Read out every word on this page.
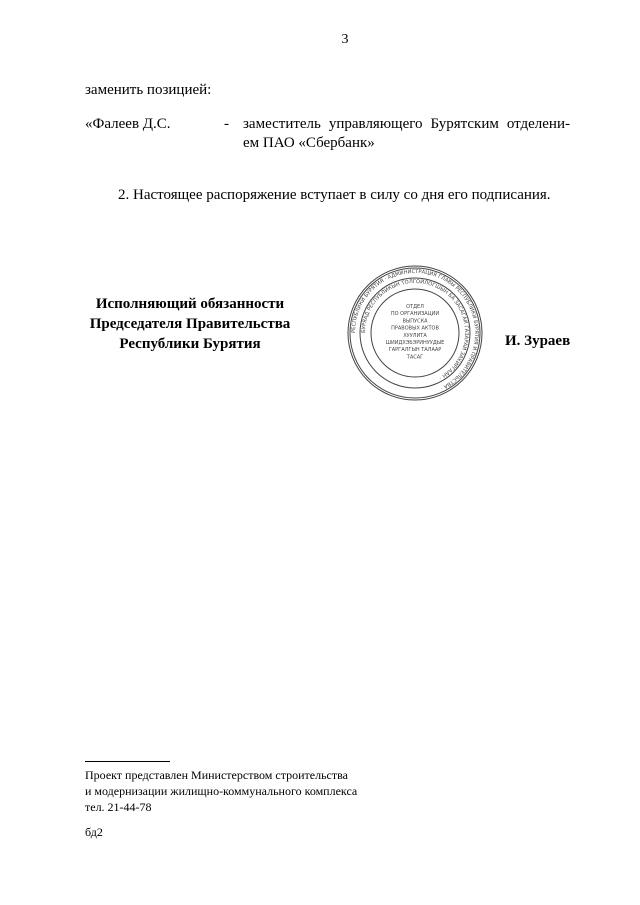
3
заменить позицией:
«Фалеев Д.С.	- заместитель управляющего Бурятским отделени-
ем ПАО «Сбербанк»
2. Настоящее распоряжение вступает в силу со дня его подписания.
Исполняющий обязанности
Председателя Правительства
Республики Бурятия
РЕСПУБЛИКИ БУРЯТИЯ · АДМИНИСТРАЦИЯ ГЛАВЫ РЕСПУБЛИКИ БУРЯТИЯ И ПРАВИТЕЛЬСТВА ·
БУРЯАД РЕСПУБЛИКЫН ТОЛГОЙЛОГШЫН БА ЗАСАГАЙ ГАЗАРАЙ ЗАХИРГААН ·
ОТДЕЛ
ПО ОРГАНИЗАЦИИ
ВЫПУСКА
ПРАВОВЫХ АКТОВ
ХУУЛИТА
ШИИДХЭБЭРИНУУДЫЕ
ГАРГАЛГЫН ТАЛААР
ТАСАГ
И. Зураев
Проект представлен Министерством строительства
и модернизации жилищно-коммунального комплекса
тел. 21-44-78
бд2
